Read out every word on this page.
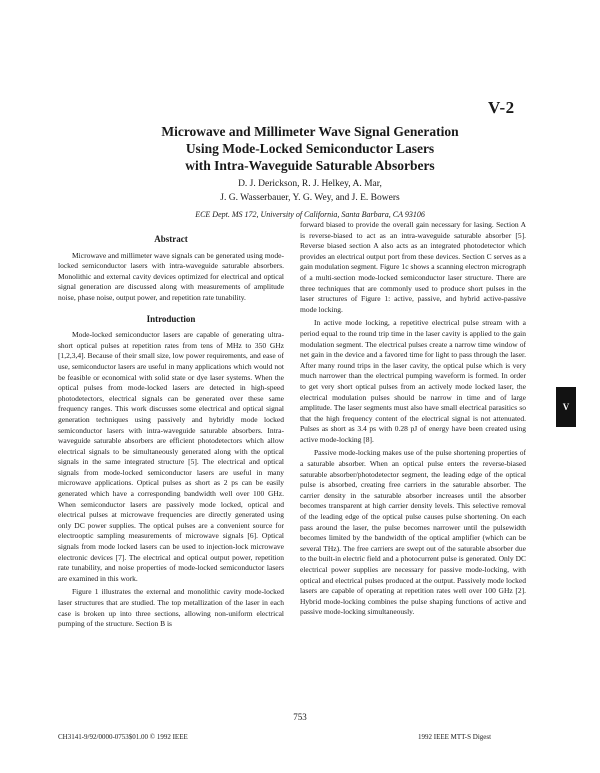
V-2
Microwave and Millimeter Wave Signal Generation
Using Mode-Locked Semiconductor Lasers
with Intra-Waveguide Saturable Absorbers
D. J. Derickson, R. J. Helkey, A. Mar,
J. G. Wasserbauer, Y. G. Wey, and J. E. Bowers
ECE Dept. MS 172, University of California, Santa Barbara, CA 93106
Abstract

Microwave and millimeter wave signals can be generated using mode-locked semiconductor lasers with intra-waveguide saturable absorbers. Monolithic and external cavity devices optimized for electrical and optical signal generation are discussed along with measurements of amplitude noise, phase noise, output power, and repetition rate tunability.

Introduction

Mode-locked semiconductor lasers are capable of generating ultra-short optical pulses at repetition rates from tens of MHz to 350 GHz [1,2,3,4]. Because of their small size, low power requirements, and ease of use, semiconductor lasers are useful in many applications which would not be feasible or economical with solid state or dye laser systems. When the optical pulses from mode-locked lasers are detected in high-speed photodetectors, electrical signals can be generated over these same frequency ranges. This work discusses some electrical and optical signal generation techniques using passively and hybridly mode locked semiconductor lasers with intra-waveguide saturable absorbers. Intra-waveguide saturable absorbers are efficient photodetectors which allow electrical signals to be simultaneously generated along with the optical signals in the same integrated structure [5]. The electrical and optical signals from mode-locked semiconductor lasers are useful in many microwave applications. Optical pulses as short as 2 ps can be easily generated which have a corresponding bandwidth well over 100 GHz. When semiconductor lasers are passively mode locked, optical and electrical pulses at microwave frequencies are directly generated using only DC power supplies. The optical pulses are a convenient source for electrooptic sampling measurements of microwave signals [6]. Optical signals from mode locked lasers can be used to injection-lock microwave electronic devices [7]. The electrical and optical output power, repetition rate tunability, and noise properties of mode-locked semiconductor lasers are examined in this work.

Figure 1 illustrates the external and monolithic cavity mode-locked laser structures that are studied. The top metallization of the laser in each case is broken up into three sections, allowing non-uniform electrical pumping of the structure. Section B is

forward biased to provide the overall gain necessary for lasing. Section A is reverse-biased to act as an intra-waveguide saturable absorber [5]. Reverse biased section A also acts as an integrated photodetector which provides an electrical output port from these devices. Section C serves as a gain modulation segment. Figure 1c shows a scanning electron micrograph of a multi-section mode-locked semiconductor laser structure. There are three techniques that are commonly used to produce short pulses in the laser structures of Figure 1: active, passive, and hybrid active-passive mode locking.

In active mode locking, a repetitive electrical pulse stream with a period equal to the round trip time in the laser cavity is applied to the gain modulation segment. The electrical pulses create a narrow time window of net gain in the device and a favored time for light to pass through the laser. After many round trips in the laser cavity, the optical pulse which is very much narrower than the electrical pumping waveform is formed. In order to get very short optical pulses from an actively mode locked laser, the electrical modulation pulses should be narrow in time and of large amplitude. The laser segments must also have small electrical parasitics so that the high frequency content of the electrical signal is not attenuated. Pulses as short as 3.4 ps with 0.28 pJ of energy have been created using active mode-locking [8].

Passive mode-locking makes use of the pulse shortening properties of a saturable absorber. When an optical pulse enters the reverse-biased saturable absorber/photodetector segment, the leading edge of the optical pulse is absorbed, creating free carriers in the saturable absorber. The carrier density in the saturable absorber increases until the absorber becomes transparent at high carrier density levels. This selective removal of the leading edge of the optical pulse causes pulse shortening. On each pass around the laser, the pulse becomes narrower until the pulsewidth becomes limited by the bandwidth of the optical amplifier (which can be several THz). The free carriers are swept out of the saturable absorber due to the built-in electric field and a photocurrent pulse is generated. Only DC electrical power supplies are necessary for passive mode-locking, with optical and electrical pulses produced at the output. Passively mode locked lasers are capable of operating at repetition rates well over 100 GHz [2]. Hybrid mode-locking combines the pulse shaping functions of active and passive mode-locking simultaneously.

V
753
CH3141-9/92/0000-0753$01.00 © 1992 IEEE	1992 IEEE MTT-S Digest
